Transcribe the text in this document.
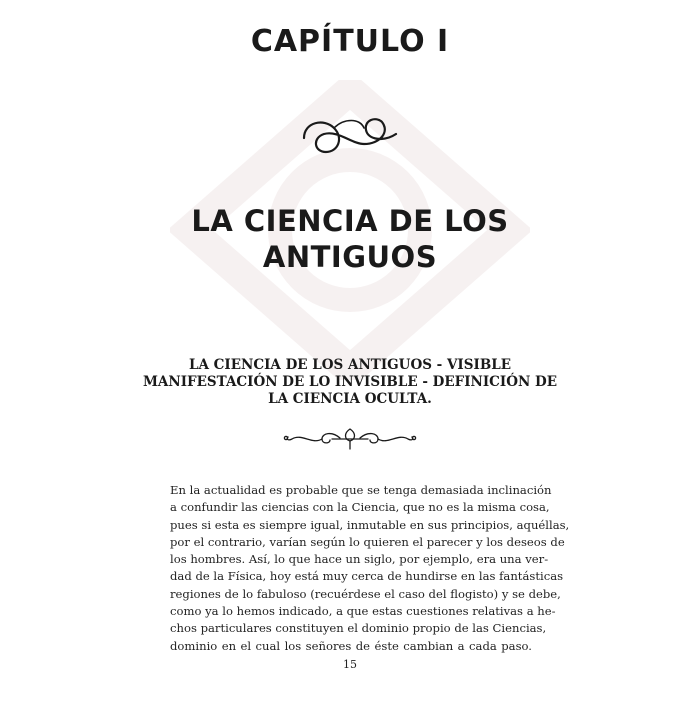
CAPÍTULO I
LA CIENCIA DE LOS ANTIGUOS
LA CIENCIA DE LOS ANTIGUOS - VISIBLE MANIFESTACIÓN DE LO INVISIBLE - DEFINICIÓN DE LA CIENCIA OCULTA.
En la actualidad es probable que se tenga demasiada inclinación
a confundir las ciencias con la Ciencia, que no es la misma cosa,
pues si esta es siempre igual, inmutable en sus principios, aquéllas,
por el contrario, varían según lo quieren el parecer y los deseos de
los hombres. Así, lo que hace un siglo, por ejemplo, era una ver-
dad de la Física, hoy está muy cerca de hundirse en las fantásticas
regiones de lo fabuloso (recuérdese el caso del flogisto) y se debe,
como ya lo hemos indicado, a que estas cuestiones relativas a he-
chos particulares constituyen el dominio propio de las Ciencias,
dominio en el cual los señores de éste cambian a cada paso.
15
